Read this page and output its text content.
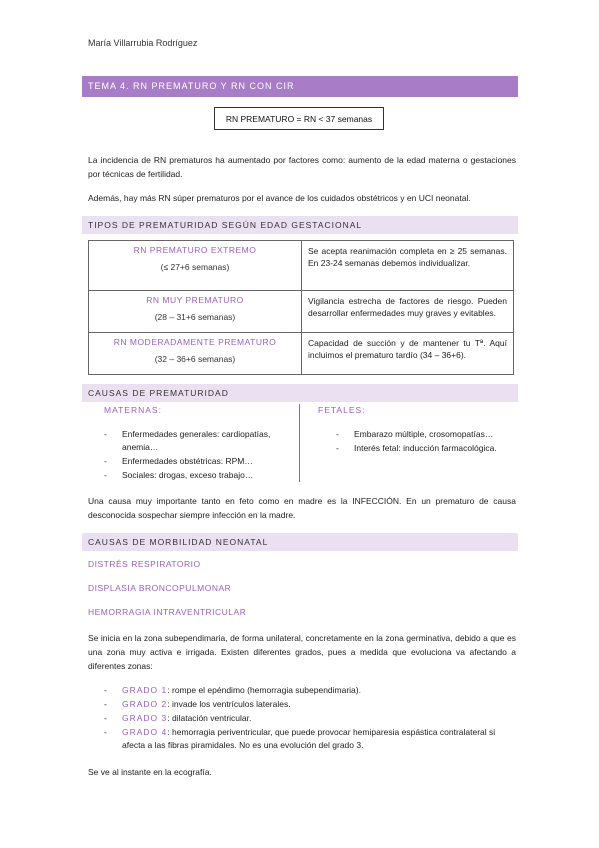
María Villarrubia Rodríguez
TEMA 4. RN PREMATURO Y RN CON CIR
RN PREMATURO = RN < 37 semanas
La incidencia de RN prematuros ha aumentado por factores como: aumento de la edad materna o gestaciones por técnicas de fertilidad.
Además, hay más RN súper prematuros por el avance de los cuidados obstétricos y en UCI neonatal.
TIPOS DE PREMATURIDAD SEGÚN EDAD GESTACIONAL
RN PREMATURO EXTREMO
(≤ 27+6 semanas)	Se acepta reanimación completa en ≥ 25 semanas. En 23-24 semanas debemos individualizar.

RN MUY PREMATURO
(28 – 31+6 semanas)	Vigilancia estrecha de factores de riesgo. Pueden desarrollar enfermedades muy graves y evitables.

RN MODERADAMENTE PREMATURO
(32 – 36+6 semanas)	Capacidad de succión y de mantener tu Tª. Aquí incluimos el prematuro tardío (34 – 36+6).
CAUSAS DE PREMATURIDAD
MATERNAS:	FETALES:
- Enfermedades generales: cardiopatías, anemia…
- Enfermedades obstétricas: RPM…
- Sociales: drogas, exceso trabajo…
- Embarazo múltiple, crosomopatías…
- Interés fetal: inducción farmacológica.
Una causa muy importante tanto en feto como en madre es la INFECCIÓN. En un prematuro de causa desconocida sospechar siempre infección en la madre.
CAUSAS DE MORBILIDAD NEONATAL
DISTRÉS RESPIRATORIO
DISPLASIA BRONCOPULMONAR
HEMORRAGIA INTRAVENTRICULAR
Se inicia en la zona subependimaria, de forma unilateral, concretamente en la zona germinativa, debido a que es una zona muy activa e irrigada. Existen diferentes grados, pues a medida que evoluciona va afectando a diferentes zonas:
- GRADO 1: rompe el epéndimo (hemorragia subependimaria).
- GRADO 2: invade los ventrículos laterales.
- GRADO 3: dilatación ventricular.
- GRADO 4: hemorragia periventricular, que puede provocar hemiparesia espástica contralateral si afecta a las fibras piramidales. No es una evolución del grado 3.
Se ve al instante en la ecografía.
